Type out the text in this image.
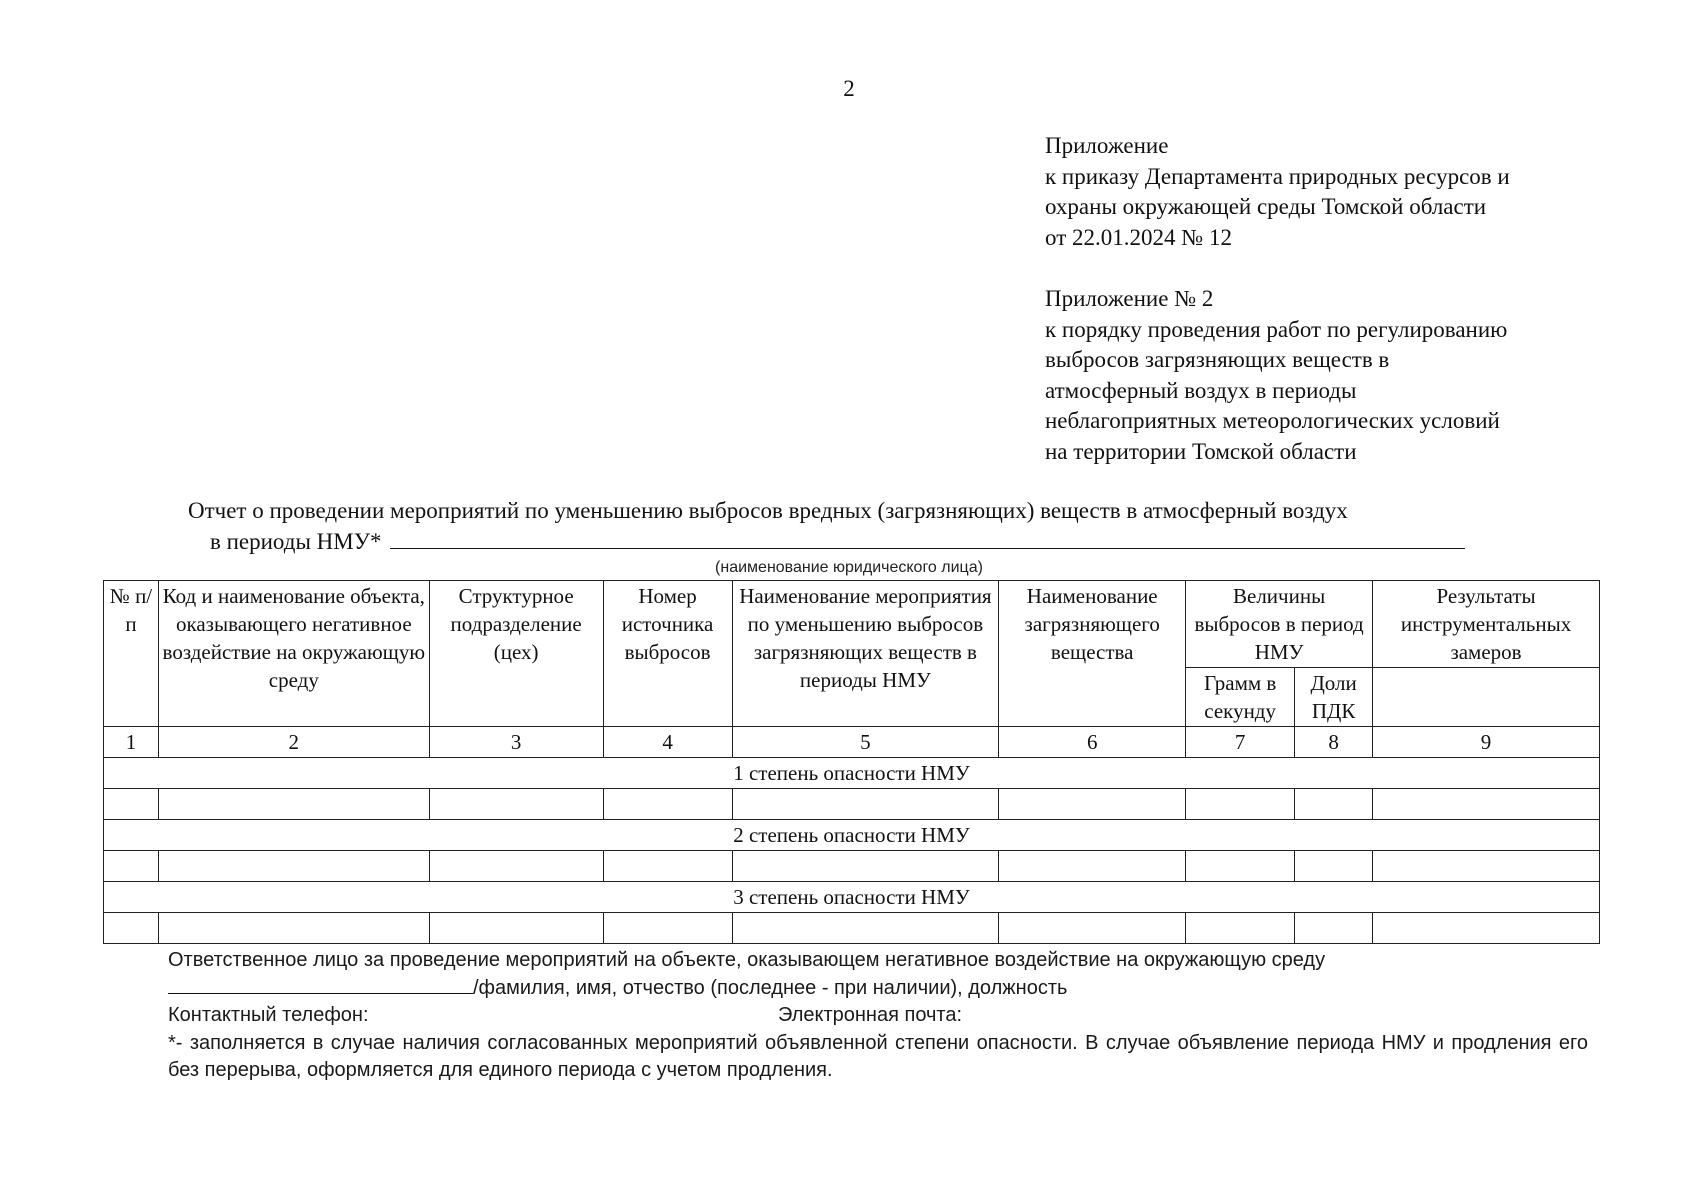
2
Приложение
к приказу Департамента природных ресурсов и
охраны окружающей среды Томской области
от 22.01.2024 № 12
Приложение № 2
к порядку проведения работ по регулированию
выбросов загрязняющих веществ в
атмосферный воздух в периоды
неблагоприятных метеорологических условий
на территории Томской области
Отчет о проведении мероприятий по уменьшению выбросов вредных (загрязняющих) веществ в атмосферный воздух
в периоды НМУ*
(наименование юридического лица)
№ п/п	Код и наименование объекта, оказывающего негативное воздействие на окружающую среду	Структурное подразделение (цех)	Номер источника выбросов	Наименование мероприятия по уменьшению выбросов загрязняющих веществ в периоды НМУ	Наименование загрязняющего вещества	Величины выбросов в период НМУ		Результаты инструментальных замеров
						Грамм в секунду	Доли ПДК	
1	2	3	4	5	6	7	8	9
1 степень опасности НМУ								

2 степень опасности НМУ								

3 степень опасности НМУ								

Ответственное лицо за проведение мероприятий на объекте, оказывающем негативное воздействие на окружающую среду
/фамилия, имя, отчество (последнее - при наличии), должность
Контактный телефон:	Электронная почта:
*- заполняется в случае наличия согласованных мероприятий объявленной степени опасности. В случае объявление периода НМУ и продления его без перерыва, оформляется для единого периода с учетом продления.
